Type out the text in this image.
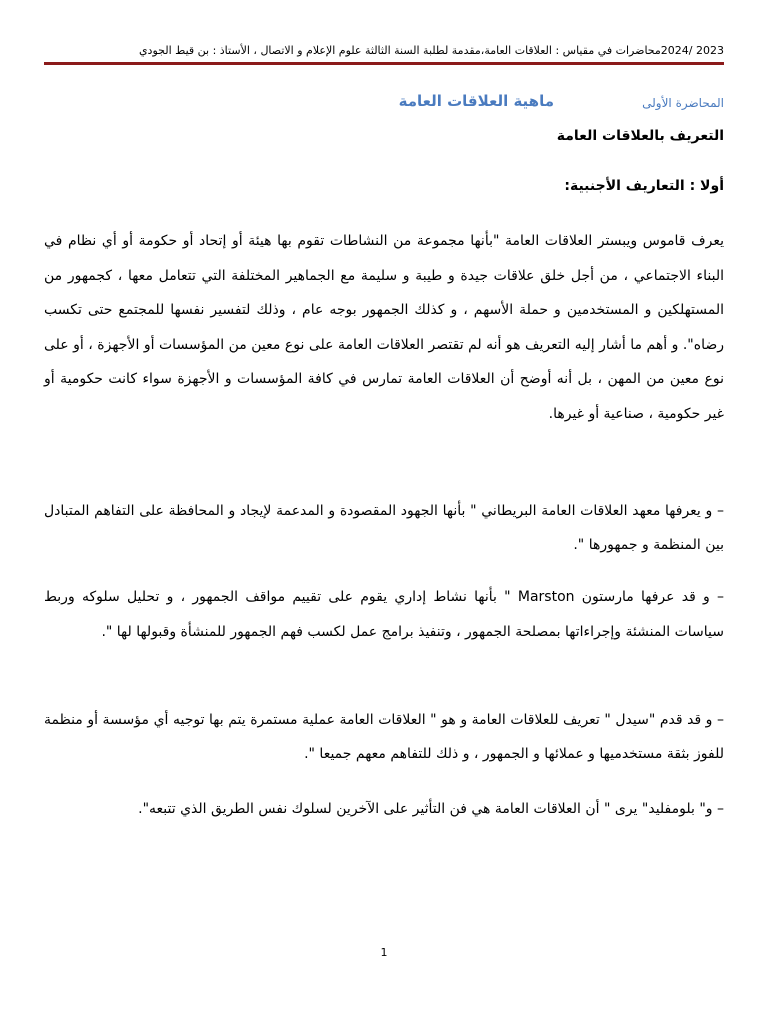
2023 /2024محاضرات في مقياس : العلاقات العامة،مقدمة لطلبة السنة الثالثة علوم الإعلام و الاتصال ، الأستاذ : بن قيط الجودي
المحاضرة الأولى
ماهية العلاقات العامة
التعريف بالعلاقات العامة
أولا : التعاريف الأجنبية:

يعرف قاموس ويبستر العلاقات العامة "بأنها مجموعة من النشاطات تقوم بها هيئة أو إتحاد أو حكومة أو أي نظام في البناء الاجتماعي ، من أجل خلق علاقات جيدة و طيبة و سليمة مع الجماهير المختلفة التي تتعامل معها ، كجمهور من المستهلكين و المستخدمين و حملة الأسهم ، و كذلك الجمهور بوجه عام ، وذلك لتفسير نفسها للمجتمع حتى تكسب رضاه". و أهم ما أشار إليه التعريف هو أنه لم تقتصر العلاقات العامة على نوع معين من المؤسسات أو الأجهزة ، أو على نوع معين من المهن ، بل أنه أوضح أن العلاقات العامة تمارس في كافة المؤسسات و الأجهزة سواء كانت حكومية أو غير حكومية ، صناعية أو غيرها.

– و يعرفها معهد العلاقات العامة البريطاني " بأنها الجهود المقصودة و المدعمة لإيجاد و المحافظة على التفاهم المتبادل بين المنظمة و جمهورها ".

– و قد عرفها مارستون Marston " بأنها نشاط إداري يقوم على تقييم مواقف الجمهور ، و تحليل سلوكه وربط سياسات المنشئة وإجراءاتها بمصلحة الجمهور ، وتنفيذ برامج عمل لكسب فهم الجمهور للمنشأة وقبولها لها ".

– و قد قدم "سيدل " تعريف للعلاقات العامة و هو " العلاقات العامة عملية مستمرة يتم بها توجيه أي مؤسسة أو منظمة للفوز بثقة مستخدميها و عملائها و الجمهور ، و ذلك للتفاهم معهم جميعا ".

– و" بلومفليد" يرى " أن العلاقات العامة هي فن التأثير على الآخرين لسلوك نفس الطريق الذي تتبعه".

1
